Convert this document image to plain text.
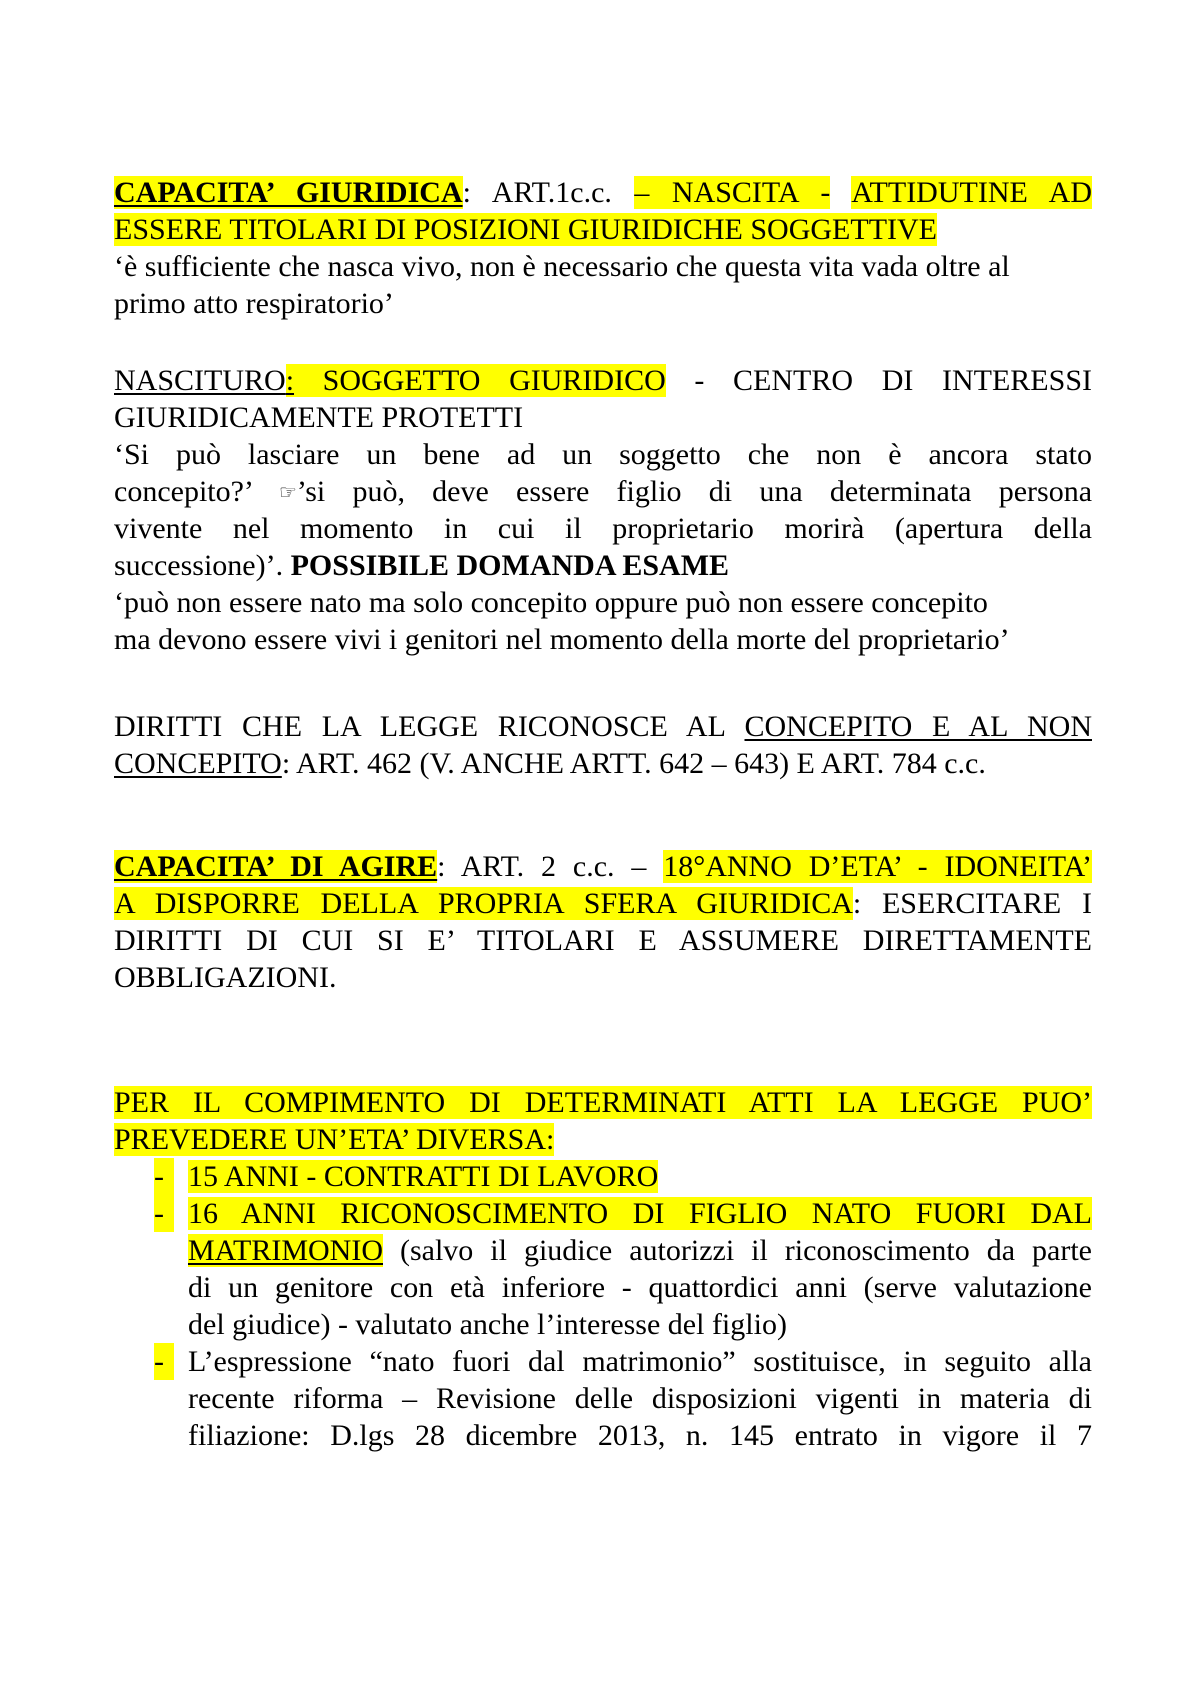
CAPACITA’ GIURIDICA: ART.1c.c. – NASCITA - ATTIDUTINE AD
ESSERE TITOLARI DI POSIZIONI GIURIDICHE SOGGETTIVE
‘è sufficiente che nasca vivo, non è necessario che questa vita vada oltre al
primo atto respiratorio’
NASCITURO: SOGGETTO GIURIDICO - CENTRO DI INTERESSI
GIURIDICAMENTE PROTETTI
‘Si può lasciare un bene ad un soggetto che non è ancora stato
concepito?’ ☞’si può, deve essere figlio di una determinata persona
vivente nel momento in cui il proprietario morirà (apertura della
successione)’. POSSIBILE DOMANDA ESAME
‘può non essere nato ma solo concepito oppure può non essere concepito
ma devono essere vivi i genitori nel momento della morte del proprietario’
DIRITTI CHE LA LEGGE RICONOSCE AL CONCEPITO E AL NON
CONCEPITO: ART. 462 (V. ANCHE ARTT. 642 – 643) E ART. 784 c.c.
CAPACITA’ DI AGIRE: ART. 2 c.c. – 18°ANNO D’ETA’ - IDONEITA’
A DISPORRE DELLA PROPRIA SFERA GIURIDICA: ESERCITARE I
DIRITTI DI CUI SI E’ TITOLARI E ASSUMERE DIRETTAMENTE
OBBLIGAZIONI.
PER IL COMPIMENTO DI DETERMINATI ATTI LA LEGGE PUO’
PREVEDERE UN’ETA’ DIVERSA:
- 15 ANNI - CONTRATTI DI LAVORO
- 16 ANNI RICONOSCIMENTO DI FIGLIO NATO FUORI DAL
MATRIMONIO (salvo il giudice autorizzi il riconoscimento da parte
di un genitore con età inferiore - quattordici anni (serve valutazione
del giudice) - valutato anche l’interesse del figlio)
- L’espressione “nato fuori dal matrimonio” sostituisce, in seguito alla
recente riforma – Revisione delle disposizioni vigenti in materia di
filiazione: D.lgs 28 dicembre 2013, n. 145 entrato in vigore il 7
